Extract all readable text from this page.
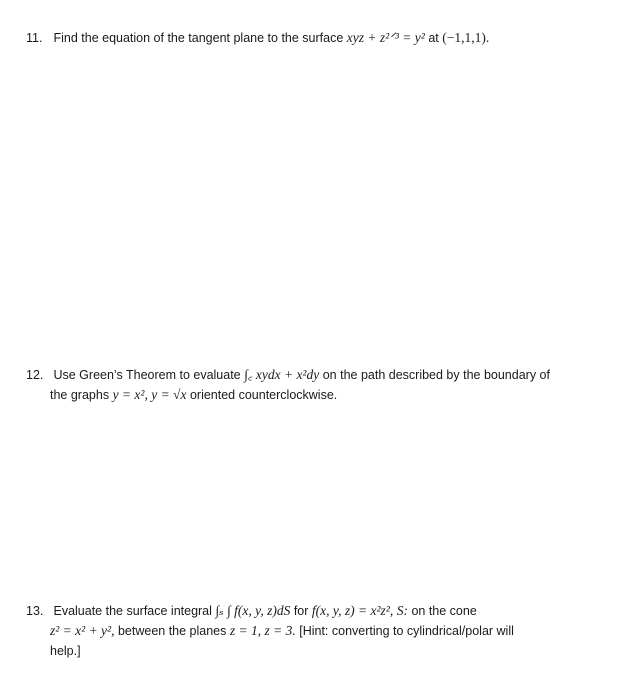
11. Find the equation of the tangent plane to the surface xyz + z²ᐟ³ = y² at (−1,1,1).
12. Use Green’s Theorem to evaluate ∫꜀ xydx + x²dy on the path described by the boundary of
the graphs y = x², y = √x oriented counterclockwise.
13. Evaluate the surface integral ∫ₛ ∫ f(x, y, z)dS for f(x, y, z) = x²z², S: on the cone
z² = x² + y², between the planes z = 1, z = 3. [Hint: converting to cylindrical/polar will
help.]
